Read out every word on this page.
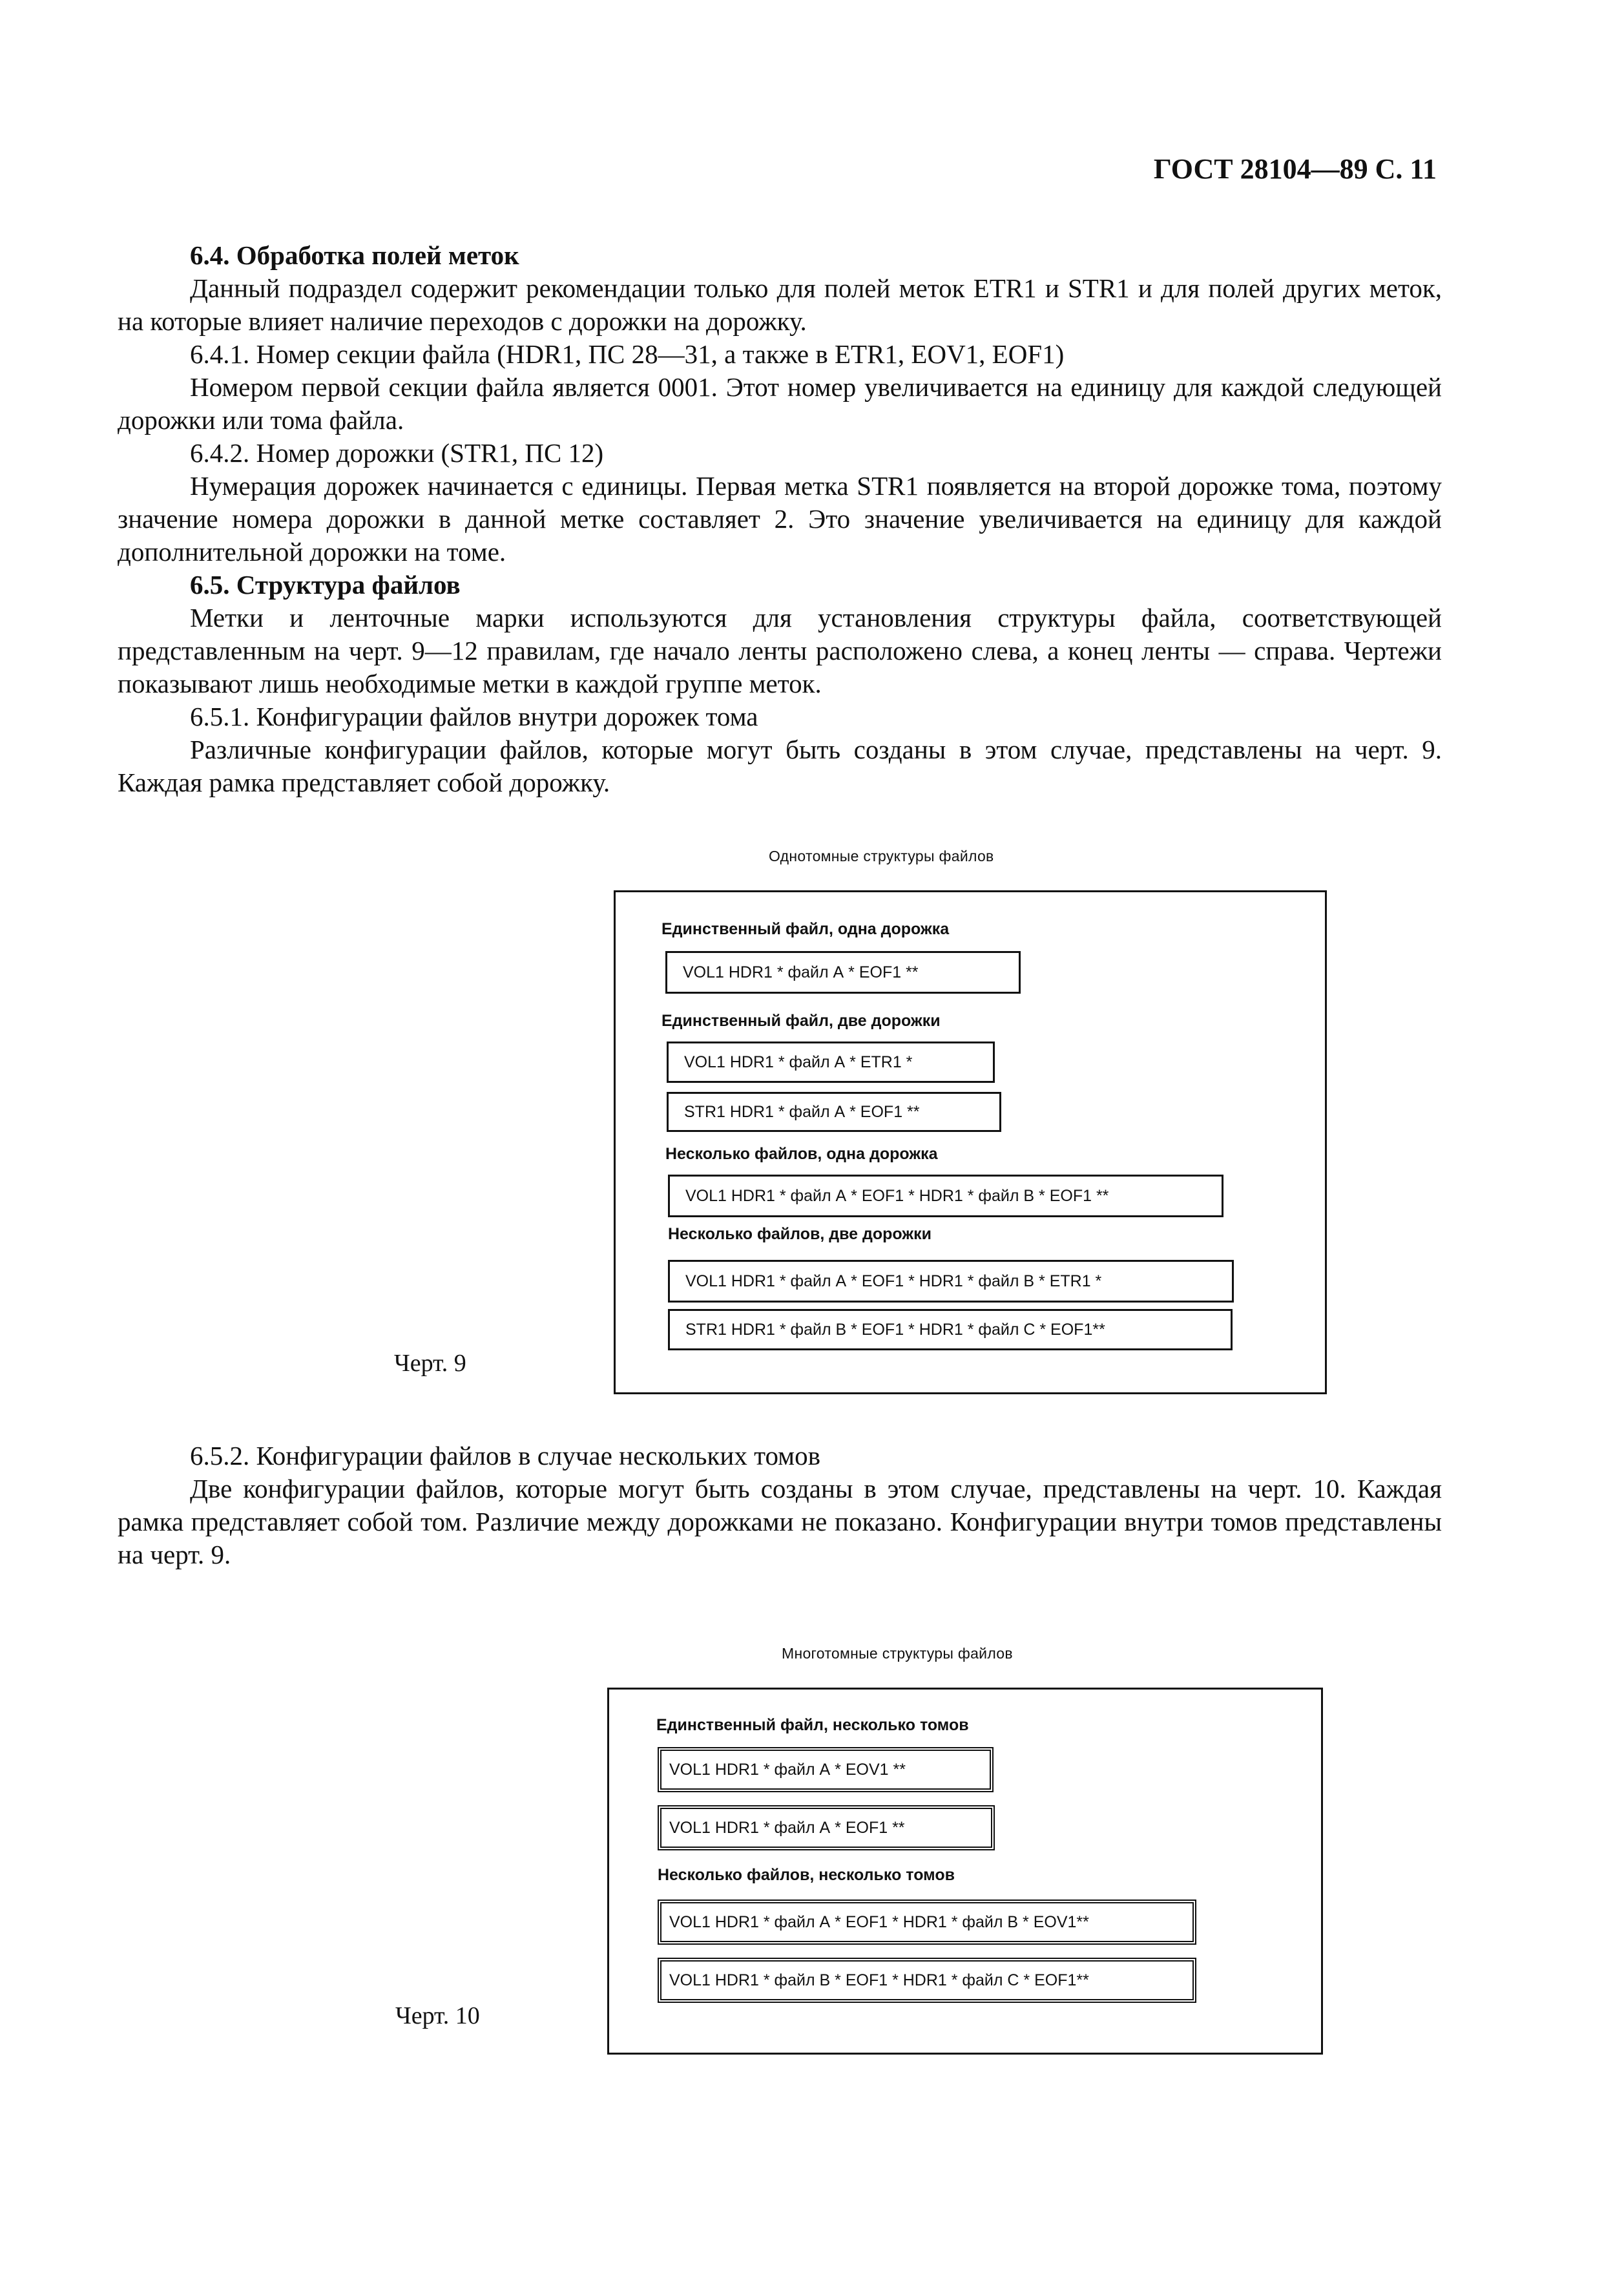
ГОСТ 28104—89 С. 11

6.4. Обработка полей меток

Данный подраздел содержит рекомендации только для полей меток ETR1 и STR1 и для полей других меток, на которые влияет наличие переходов с дорожки на дорожку.

6.4.1. Номер секции файла (HDR1, ПС 28—31, а также в ETR1, EOV1, EOF1)

Номером первой секции файла является 0001. Этот номер увеличивается на единицу для каждой следующей дорожки или тома файла.

6.4.2. Номер дорожки (STR1, ПС 12)

Нумерация дорожек начинается с единицы. Первая метка STR1 появляется на второй дорожке тома, поэтому значение номера дорожки в данной метке составляет 2. Это значение увеличивается на единицу для каждой дополнительной дорожки на томе.

6.5. Структура файлов

Метки и ленточные марки используются для установления структуры файла, соответствующей представленным на черт. 9—12 правилам, где начало ленты расположено слева, а конец ленты — справа. Чертежи показывают лишь необходимые метки в каждой группе меток.

6.5.1. Конфигурации файлов внутри дорожек тома

Различные конфигурации файлов, которые могут быть созданы в этом случае, представлены на черт. 9. Каждая рамка представляет собой дорожку.

Однотомные структуры файлов
Единственный файл, одна дорожка
VOL1 HDR1 * файл А * EOF1 **
Единственный файл, две дорожки
VOL1 HDR1 * файл А * ETR1 *
STR1 HDR1 * файл А * EOF1 **
Несколько файлов, одна дорожка
VOL1 HDR1 * файл А * EOF1 * HDR1 * файл В * EOF1 **
Несколько файлов, две дорожки
VOL1 HDR1 * файл А * EOF1 * HDR1 * файл В * ETR1 *
STR1 HDR1 * файл В * EOF1 * HDR1 * файл С * EOF1**
Черт. 9

6.5.2. Конфигурации файлов в случае нескольких томов

Две конфигурации файлов, которые могут быть созданы в этом случае, представлены на черт. 10. Каждая рамка представляет собой том. Различие между дорожками не показано. Конфигурации внутри томов представлены на черт. 9.

Многотомные структуры файлов
Единственный файл, несколько томов
VOL1 HDR1 * файл А * EOV1 **
VOL1 HDR1 * файл А * EOF1 **
Несколько файлов, несколько томов
VOL1 HDR1 * файл А * EOF1 * HDR1 * файл В * EOV1**
VOL1 HDR1 * файл В * EOF1 * HDR1 * файл С * EOF1**
Черт. 10
